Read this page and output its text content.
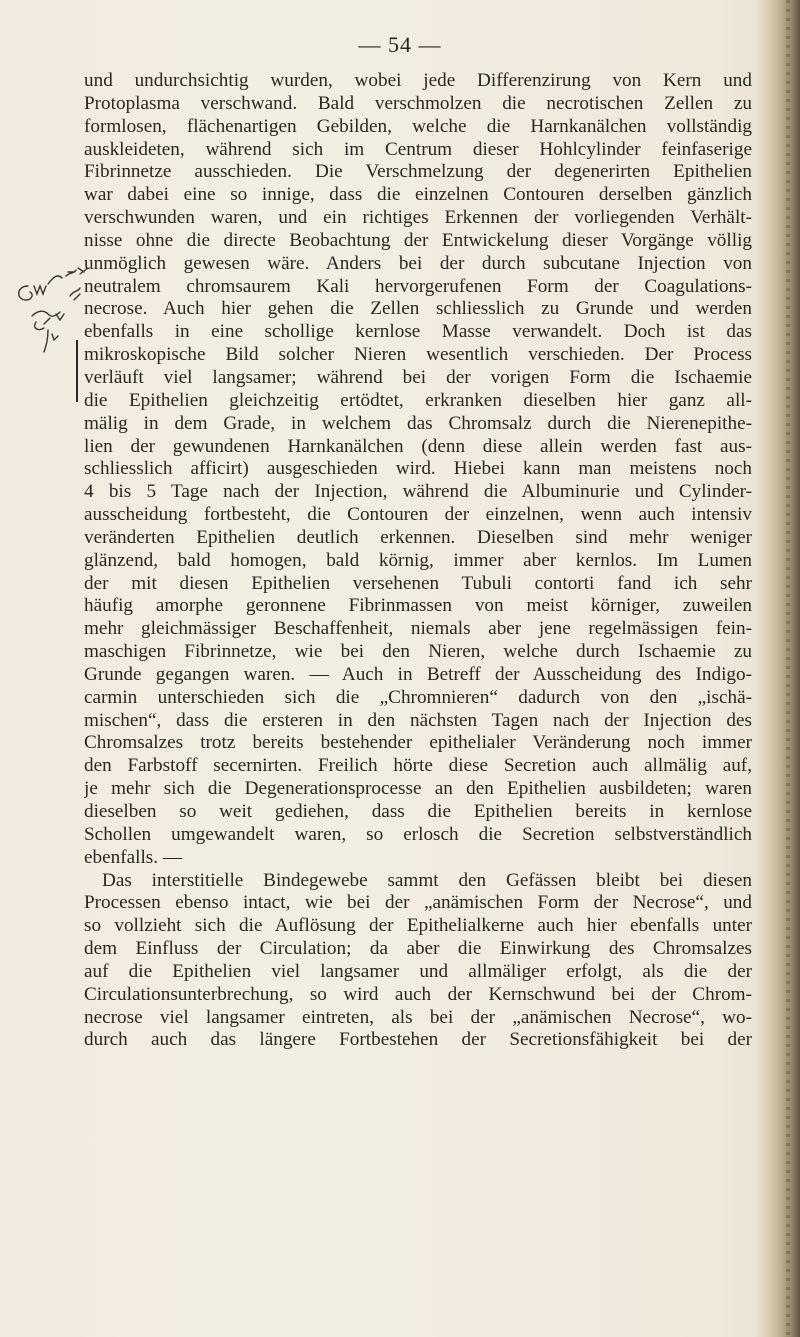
— 54 —
und undurchsichtig wurden, wobei jede Differenzirung von Kern und
Protoplasma verschwand. Bald verschmolzen die necrotischen Zellen zu
formlosen, flächenartigen Gebilden, welche die Harnkanälchen vollständig
auskleideten, während sich im Centrum dieser Hohlcylinder feinfaserige
Fibrinnetze ausschieden. Die Verschmelzung der degenerirten Epithelien
war dabei eine so innige, dass die einzelnen Contouren derselben gänzlich
verschwunden waren, und ein richtiges Erkennen der vorliegenden Verhält-
nisse ohne die directe Beobachtung der Entwickelung dieser Vorgänge völlig
unmöglich gewesen wäre. Anders bei der durch subcutane Injection von
neutralem chromsaurem Kali hervorgerufenen Form der Coagulations-
necrose. Auch hier gehen die Zellen schliesslich zu Grunde und werden
ebenfalls in eine schollige kernlose Masse verwandelt. Doch ist das
mikroskopische Bild solcher Nieren wesentlich verschieden. Der Process
verläuft viel langsamer; während bei der vorigen Form die Ischaemie
die Epithelien gleichzeitig ertödtet, erkranken dieselben hier ganz all-
mälig in dem Grade, in welchem das Chromsalz durch die Nierenepithe-
lien der gewundenen Harnkanälchen (denn diese allein werden fast aus-
schliesslich afficirt) ausgeschieden wird. Hiebei kann man meistens noch
4 bis 5 Tage nach der Injection, während die Albuminurie und Cylinder-
ausscheidung fortbesteht, die Contouren der einzelnen, wenn auch intensiv
veränderten Epithelien deutlich erkennen. Dieselben sind mehr weniger
glänzend, bald homogen, bald körnig, immer aber kernlos. Im Lumen
der mit diesen Epithelien versehenen Tubuli contorti fand ich sehr
häufig amorphe geronnene Fibrinmassen von meist körniger, zuweilen
mehr gleichmässiger Beschaffenheit, niemals aber jene regelmässigen fein-
maschigen Fibrinnetze, wie bei den Nieren, welche durch Ischaemie zu
Grunde gegangen waren. — Auch in Betreff der Ausscheidung des Indigo-
carmin unterschieden sich die „Chromnieren“ dadurch von den „ischä-
mischen“, dass die ersteren in den nächsten Tagen nach der Injection des
Chromsalzes trotz bereits bestehender epithelialer Veränderung noch immer
den Farbstoff secernirten. Freilich hörte diese Secretion auch allmälig auf,
je mehr sich die Degenerationsprocesse an den Epithelien ausbildeten; waren
dieselben so weit gediehen, dass die Epithelien bereits in kernlose
Schollen umgewandelt waren, so erlosch die Secretion selbstverständlich
ebenfalls. —
Das interstitielle Bindegewebe sammt den Gefässen bleibt bei diesen
Processen ebenso intact, wie bei der „anämischen Form der Necrose“, und
so vollzieht sich die Auflösung der Epithelialkerne auch hier ebenfalls unter
dem Einfluss der Circulation; da aber die Einwirkung des Chromsalzes
auf die Epithelien viel langsamer und allmäliger erfolgt, als die der
Circulationsunterbrechung, so wird auch der Kernschwund bei der Chrom-
necrose viel langsamer eintreten, als bei der „anämischen Necrose“, wo-
durch auch das längere Fortbestehen der Secretionsfähigkeit bei der
